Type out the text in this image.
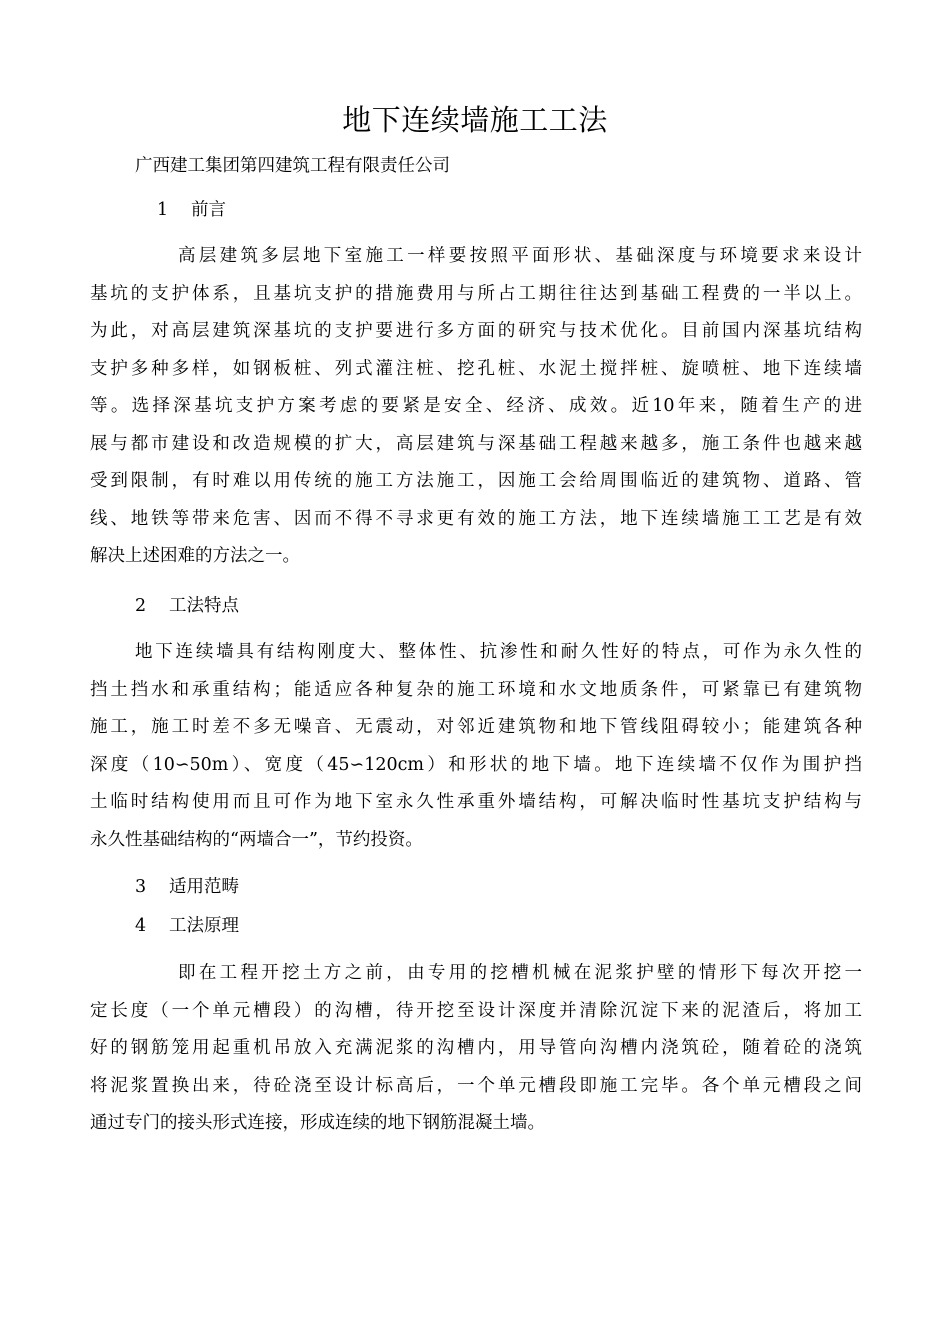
地下连续墙施工工法
广西建工集团第四建筑工程有限责任公司
1 前言
高层建筑多层地下室施工一样要按照平面形状、基础深度与环境要求来设计
基坑的支护体系，且基坑支护的措施费用与所占工期往往达到基础工程费的一半以上。
为此，对高层建筑深基坑的支护要进行多方面的研究与技术优化。目前国内深基坑结构
支护多种多样，如钢板桩、列式灌注桩、挖孔桩、水泥土搅拌桩、旋喷桩、地下连续墙
等。选择深基坑支护方案考虑的要紧是安全、经济、成效。近10年来，随着生产的进
展与都市建设和改造规模的扩大，高层建筑与深基础工程越来越多，施工条件也越来越
受到限制，有时难以用传统的施工方法施工，因施工会给周围临近的建筑物、道路、管
线、地铁等带来危害、因而不得不寻求更有效的施工方法，地下连续墙施工工艺是有效
解决上述困难的方法之一。
2 工法特点
地下连续墙具有结构刚度大、整体性、抗渗性和耐久性好的特点，可作为永久性的
挡土挡水和承重结构；能适应各种复杂的施工环境和水文地质条件，可紧靠已有建筑物
施工，施工时差不多无噪音、无震动，对邻近建筑物和地下管线阻碍较小；能建筑各种
深度（10∽50m）、宽度（45∽120cm）和形状的地下墙。地下连续墙不仅作为围护挡
土临时结构使用而且可作为地下室永久性承重外墙结构，可解决临时性基坑支护结构与
永久性基础结构的“两墙合一”，节约投资。
3 适用范畴
4 工法原理
即在工程开挖土方之前，由专用的挖槽机械在泥浆护壁的情形下每次开挖一
定长度（一个单元槽段）的沟槽，待开挖至设计深度并清除沉淀下来的泥渣后，将加工
好的钢筋笼用起重机吊放入充满泥浆的沟槽内，用导管向沟槽内浇筑砼，随着砼的浇筑
将泥浆置换出来，待砼浇至设计标高后，一个单元槽段即施工完毕。各个单元槽段之间
通过专门的接头形式连接，形成连续的地下钢筋混凝土墙。
